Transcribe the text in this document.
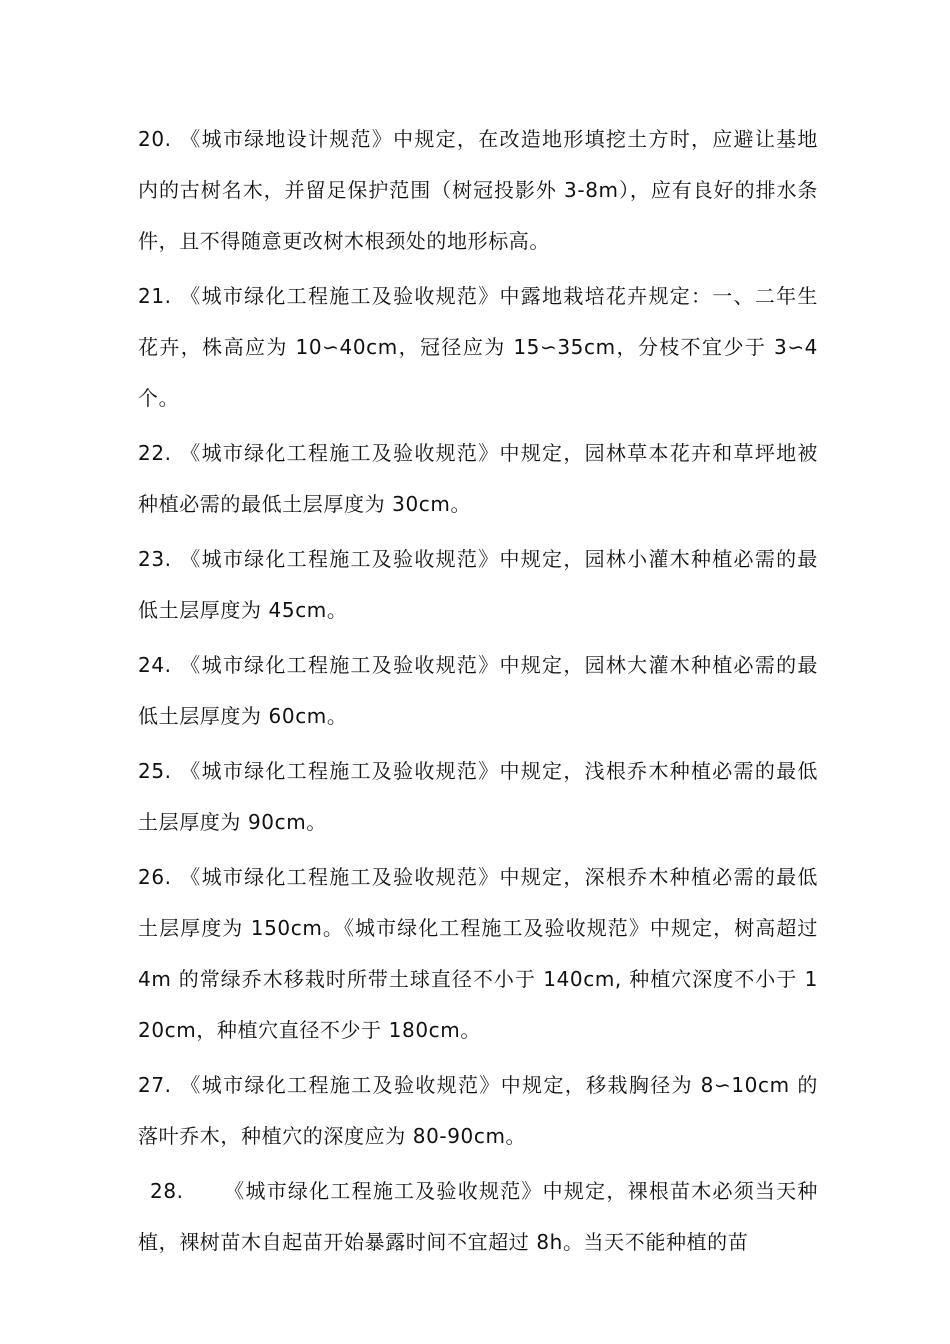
20. 《城市绿地设计规范》中规定，在改造地形填挖土方时，应避让基地内的古树名木，并留足保护范围（树冠投影外 3-8m），应有良好的排水条件，且不得随意更改树木根颈处的地形标高。

21. 《城市绿化工程施工及验收规范》中露地栽培花卉规定：一、二年生花卉，株高应为 10∽40cm，冠径应为 15∽35cm，分枝不宜少于 3∽4 个。

22. 《城市绿化工程施工及验收规范》中规定，园林草本花卉和草坪地被种植必需的最低土层厚度为 30cm。

23. 《城市绿化工程施工及验收规范》中规定，园林小灌木种植必需的最低土层厚度为 45cm。

24. 《城市绿化工程施工及验收规范》中规定，园林大灌木种植必需的最低土层厚度为 60cm。

25. 《城市绿化工程施工及验收规范》中规定，浅根乔木种植必需的最低土层厚度为 90cm。

26. 《城市绿化工程施工及验收规范》中规定，深根乔木种植必需的最低土层厚度为 150cm。《城市绿化工程施工及验收规范》中规定，树高超过 4m 的常绿乔木移栽时所带土球直径不小于 140cm, 种植穴深度不小于 120cm，种植穴直径不少于 180cm。

27. 《城市绿化工程施工及验收规范》中规定，移栽胸径为 8∽10cm 的落叶乔木，种植穴的深度应为 80-90cm。

28. 《城市绿化工程施工及验收规范》中规定，裸根苗木必须当天种植，裸树苗木自起苗开始暴露时间不宜超过 8h。当天不能种植的苗
